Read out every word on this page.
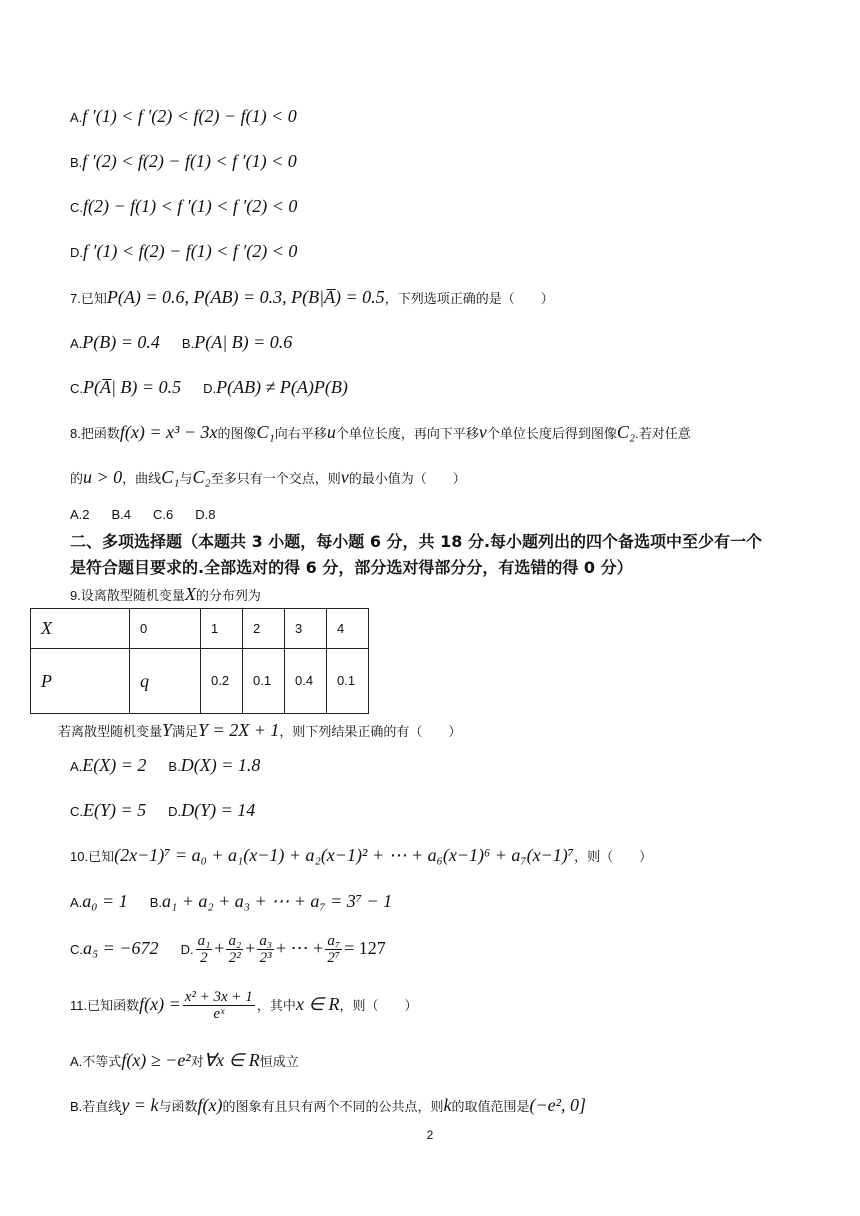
A.f ′(1) < f ′(2) < f(2) − f(1) < 0
B.f ′(2) < f(2) − f(1) < f ′(1) < 0
C.f(2) − f(1) < f ′(1) < f ′(2) < 0
D.f ′(1) < f(2) − f(1) < f ′(2) < 0
7.已知P(A) = 0.6, P(AB) = 0.3, P(B|A̅) = 0.5，下列选项正确的是（　　）
A.P(B) = 0.4 B.P(A| B) = 0.6
C.P(A̅| B) = 0.5 D.P(AB) ≠ P(A)P(B)
8.把函数f(x) = x³ − 3x的图像C₁向右平移u个单位长度，再向下平移v个单位长度后得到图像C₂.若对任意
的u > 0，曲线C₁与C₂至多只有一个交点，则v的最小值为（　　）
A.2 B.4 C.6 D.8
二、多项选择题（本题共 3 小题，每小题 6 分，共 18 分.每小题列出的四个备选项中至少有一个
是符合题目要求的.全部选对的得 6 分，部分选对得部分分，有选错的得 0 分）
9.设离散型随机变量X的分布列为
X	0	1	2	3	4
P	q	0.2	0.1	0.4	0.1
若离散型随机变量Y满足Y = 2X + 1，则下列结果正确的有（　　）
A.E(X) = 2 B.D(X) = 1.8
C.E(Y) = 5 D.D(Y) = 14
10.已知(2x−1)⁷ = a₀ + a₁(x−1) + a₂(x−1)² + ⋯ + a₆(x−1)⁶ + a₇(x−1)⁷，则（　　）
A.a₀ = 1 B.a₁ + a₂ + a₃ + ⋯ + a₇ = 3⁷ − 1
C.a₅ = −672 D. $\frac{\text{a₁}}{2} + \frac{\text{a₂}}{\text{2²}} + \frac{\text{a₃}}{\text{2³}}$ + ⋯ + $\frac{\text{a₇}}{\text{2⁷}} = 127$
11.已知函数$f(x) = \frac{\text{x² + 3x + 1}}{\text{eˣ}}$ ，其中x ∈ R，则（　　）
A.不等式f(x) ≥ −e²对∀x ∈ R恒成立
B.若直线y = k与函数f(x)的图象有且只有两个不同的公共点，则k的取值范围是(−e², 0]
2
